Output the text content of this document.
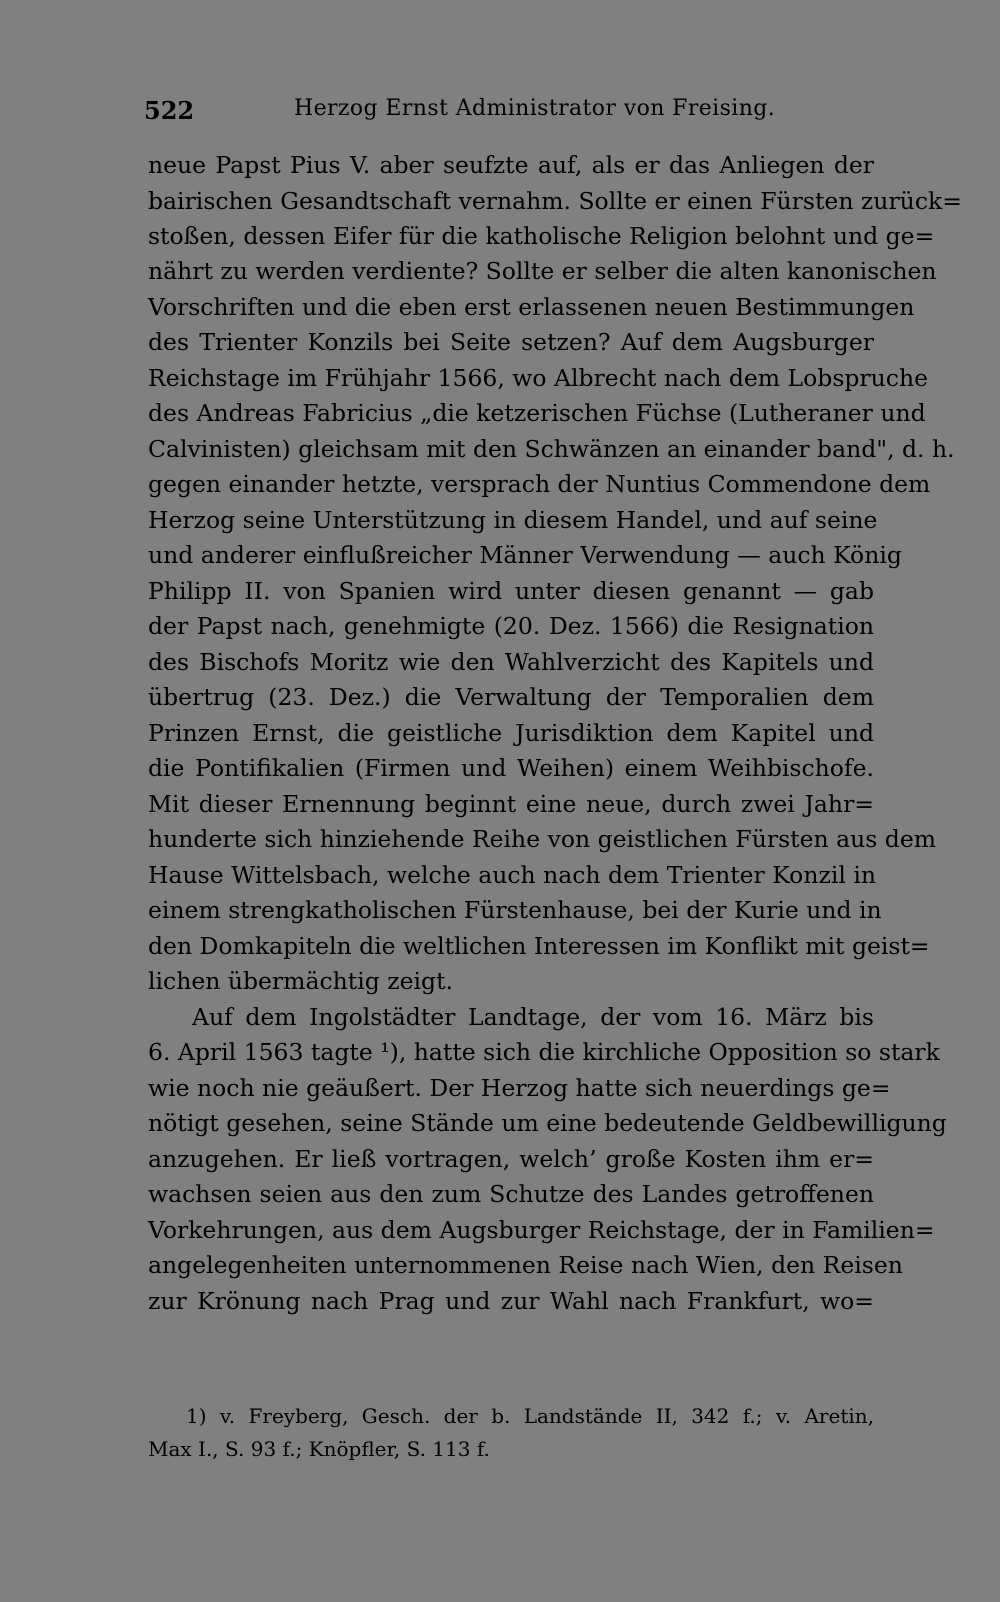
522	Herzog Ernst Administrator von Freising.
neue Papst Pius V. aber seufzte auf, als er das Anliegen der
bairischen Gesandtschaft vernahm. Sollte er einen Fürsten zurück=
stoßen, dessen Eifer für die katholische Religion belohnt und ge=
nährt zu werden verdiente? Sollte er selber die alten kanonischen
Vorschriften und die eben erst erlassenen neuen Bestimmungen
des Trienter Konzils bei Seite setzen? Auf dem Augsburger
Reichstage im Frühjahr 1566, wo Albrecht nach dem Lobspruche
des Andreas Fabricius „die ketzerischen Füchse (Lutheraner und
Calvinisten) gleichsam mit den Schwänzen an einander band", d. h.
gegen einander hetzte, versprach der Nuntius Commendone dem
Herzog seine Unterstützung in diesem Handel, und auf seine
und anderer einflußreicher Männer Verwendung — auch König
Philipp II. von Spanien wird unter diesen genannt — gab
der Papst nach, genehmigte (20. Dez. 1566) die Resignation
des Bischofs Moritz wie den Wahlverzicht des Kapitels und
übertrug (23. Dez.) die Verwaltung der Temporalien dem
Prinzen Ernst, die geistliche Jurisdiktion dem Kapitel und
die Pontifikalien (Firmen und Weihen) einem Weihbischofe.
Mit dieser Ernennung beginnt eine neue, durch zwei Jahr=
hunderte sich hinziehende Reihe von geistlichen Fürsten aus dem
Hause Wittelsbach, welche auch nach dem Trienter Konzil in
einem strengkatholischen Fürstenhause, bei der Kurie und in
den Domkapiteln die weltlichen Interessen im Konflikt mit geist=
lichen übermächtig zeigt.
Auf dem Ingolstädter Landtage, der vom 16. März bis
6. April 1563 tagte ¹), hatte sich die kirchliche Opposition so stark
wie noch nie geäußert. Der Herzog hatte sich neuerdings ge=
nötigt gesehen, seine Stände um eine bedeutende Geldbewilligung
anzugehen. Er ließ vortragen, welch’ große Kosten ihm er=
wachsen seien aus den zum Schutze des Landes getroffenen
Vorkehrungen, aus dem Augsburger Reichstage, der in Familien=
angelegenheiten unternommenen Reise nach Wien, den Reisen
zur Krönung nach Prag und zur Wahl nach Frankfurt, wo=
1) v. Freyberg, Gesch. der b. Landstände II, 342 f.; v. Aretin,
Max I., S. 93 f.; Knöpfler, S. 113 f.
